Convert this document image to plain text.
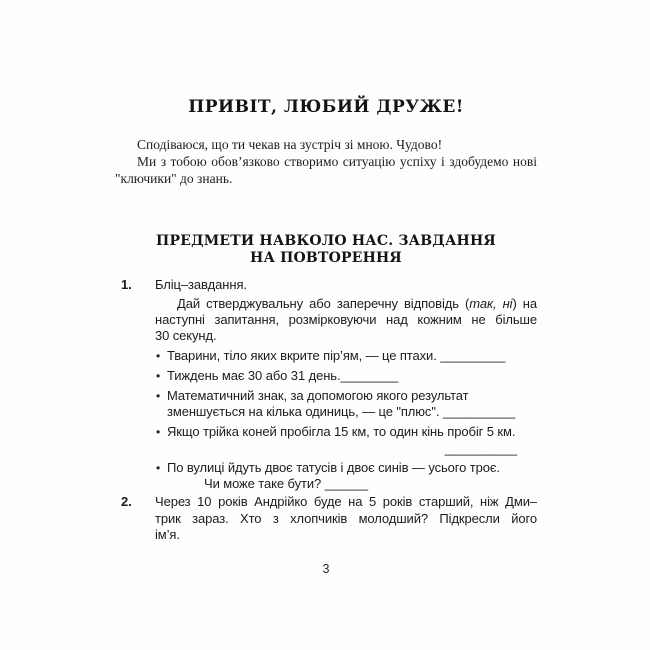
ПРИВІТ, ЛЮБИЙ ДРУЖЕ!
Сподіваюся, що ти чекав на зустріч зі мною. Чудово!
Ми з тобою обов’язково створимо ситуацію успіху і здобудемо нові
"ключики" до знань.
ПРЕДМЕТИ НАВКОЛО НАС. ЗАВДАННЯ
НА ПОВТОРЕННЯ
1.	Бліц–завдання.
Дай стверджувальну або заперечну відповідь (так, ні) на
наступні запитання, розмірковуючи над кожним не більше
30 секунд.
• Тварини, тіло яких вкрите пір’ям, — це птахи. _________
• Тиждень має 30 або 31 день.________
• Математичний знак, за допомогою якого результат
зменшується на кілька одиниць, — це "плюс". __________
• Якщо трійка коней пробігла 15 км, то один кінь пробіг 5 км.
__________
• По вулиці йдуть двоє татусів і двоє синів — усього троє.
Чи може таке бути? ______
2.	Через 10 років Андрійко буде на 5 років старший, ніж Дми–
трик зараз. Хто з хлопчиків молодший? Підкресли його
ім’я.
3
